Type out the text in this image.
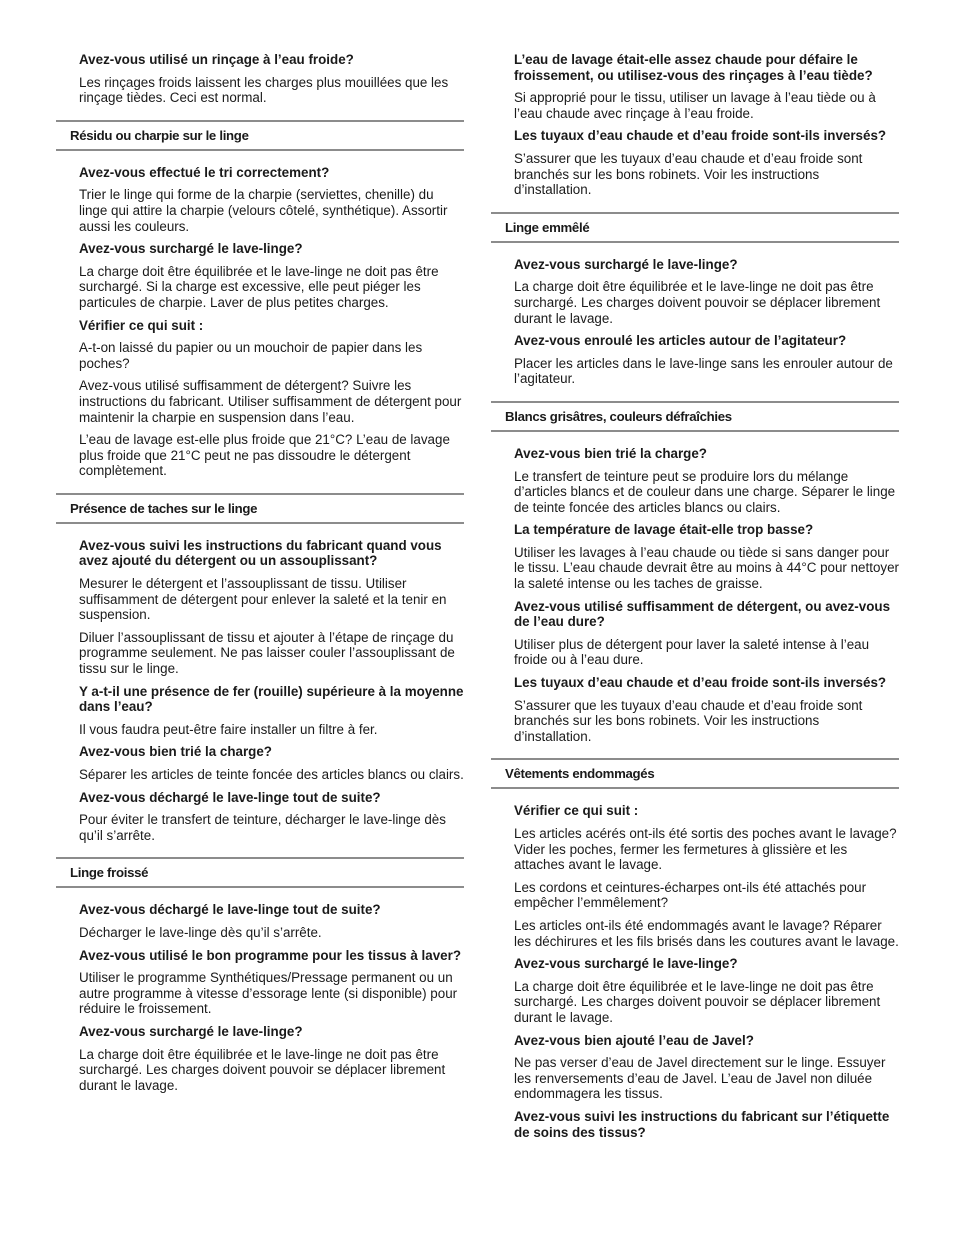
Avez-vous utilisé un rinçage à l’eau froide?
Les rinçages froids laissent les charges plus mouillées que les rinçage tièdes. Ceci est normal.
Résidu ou charpie sur le linge
Avez-vous effectué le tri correctement?
Trier le linge qui forme de la charpie (serviettes, chenille) du linge qui attire la charpie (velours côtelé, synthétique). Assortir aussi les couleurs.
Avez-vous surchargé le lave-linge?
La charge doit être équilibrée et le lave-linge ne doit pas être surchargé. Si la charge est excessive, elle peut piéger les particules de charpie. Laver de plus petites charges.
Vérifier ce qui suit :
A-t-on laissé du papier ou un mouchoir de papier dans les poches?
Avez-vous utilisé suffisamment de détergent? Suivre les instructions du fabricant. Utiliser suffisamment de détergent pour maintenir la charpie en suspension dans l’eau.
L’eau de lavage est-elle plus froide que 21°C? L’eau de lavage plus froide que 21°C peut ne pas dissoudre le détergent complètement.
Présence de taches sur le linge
Avez-vous suivi les instructions du fabricant quand vous avez ajouté du détergent ou un assouplissant?
Mesurer le détergent et l’assouplissant de tissu. Utiliser suffisamment de détergent pour enlever la saleté et la tenir en suspension.
Diluer l’assouplissant de tissu et ajouter à l’étape de rinçage du programme seulement. Ne pas laisser couler l’assouplissant de tissu sur le linge.
Y a-t-il une présence de fer (rouille) supérieure à la moyenne dans l’eau?
Il vous faudra peut-être faire installer un filtre à fer.
Avez-vous bien trié la charge?
Séparer les articles de teinte foncée des articles blancs ou clairs.
Avez-vous déchargé le lave-linge tout de suite?
Pour éviter le transfert de teinture, décharger le lave-linge dès qu’il s’arrête.
Linge froissé
Avez-vous déchargé le lave-linge tout de suite?
Décharger le lave-linge dès qu’il s’arrête.
Avez-vous utilisé le bon programme pour les tissus à laver?
Utiliser le programme Synthétiques/Pressage permanent ou un autre programme à vitesse d’essorage lente (si disponible) pour réduire le froissement.
Avez-vous surchargé le lave-linge?
La charge doit être équilibrée et le lave-linge ne doit pas être surchargé. Les charges doivent pouvoir se déplacer librement durant le lavage.
L’eau de lavage était-elle assez chaude pour défaire le froissement, ou utilisez-vous des rinçages à l’eau tiède?
Si approprié pour le tissu, utiliser un lavage à l’eau tiède ou à l’eau chaude avec rinçage à l’eau froide.
Les tuyaux d’eau chaude et d’eau froide sont-ils inversés?
S’assurer que les tuyaux d’eau chaude et d’eau froide sont branchés sur les bons robinets. Voir les instructions d’installation.
Linge emmêlé
Avez-vous surchargé le lave-linge?
La charge doit être équilibrée et le lave-linge ne doit pas être surchargé. Les charges doivent pouvoir se déplacer librement durant le lavage.
Avez-vous enroulé les articles autour de l’agitateur?
Placer les articles dans le lave-linge sans les enrouler autour de l’agitateur.
Blancs grisâtres, couleurs défraîchies
Avez-vous bien trié la charge?
Le transfert de teinture peut se produire lors du mélange d’articles blancs et de couleur dans une charge. Séparer le linge de teinte foncée des articles blancs ou clairs.
La température de lavage était-elle trop basse?
Utiliser les lavages à l’eau chaude ou tiède si sans danger pour le tissu. L’eau chaude devrait être au moins à 44°C pour nettoyer la saleté intense ou les taches de graisse.
Avez-vous utilisé suffisamment de détergent, ou avez-vous de l’eau dure?
Utiliser plus de détergent pour laver la saleté intense à l’eau froide ou à l’eau dure.
Les tuyaux d’eau chaude et d’eau froide sont-ils inversés?
S’assurer que les tuyaux d’eau chaude et d’eau froide sont branchés sur les bons robinets. Voir les instructions d’installation.
Vêtements endommagés
Vérifier ce qui suit :
Les articles acérés ont-ils été sortis des poches avant le lavage? Vider les poches, fermer les fermetures à glissière et les attaches avant le lavage.
Les cordons et ceintures-écharpes ont-ils été attachés pour empêcher l’emmêlement?
Les articles ont-ils été endommagés avant le lavage? Réparer les déchirures et les fils brisés dans les coutures avant le lavage.
Avez-vous surchargé le lave-linge?
La charge doit être équilibrée et le lave-linge ne doit pas être surchargé. Les charges doivent pouvoir se déplacer librement durant le lavage.
Avez-vous bien ajouté l’eau de Javel?
Ne pas verser d’eau de Javel directement sur le linge. Essuyer les renversements d’eau de Javel. L’eau de Javel non diluée endommagera les tissus.
Avez-vous suivi les instructions du fabricant sur l’étiquette de soins des tissus?
